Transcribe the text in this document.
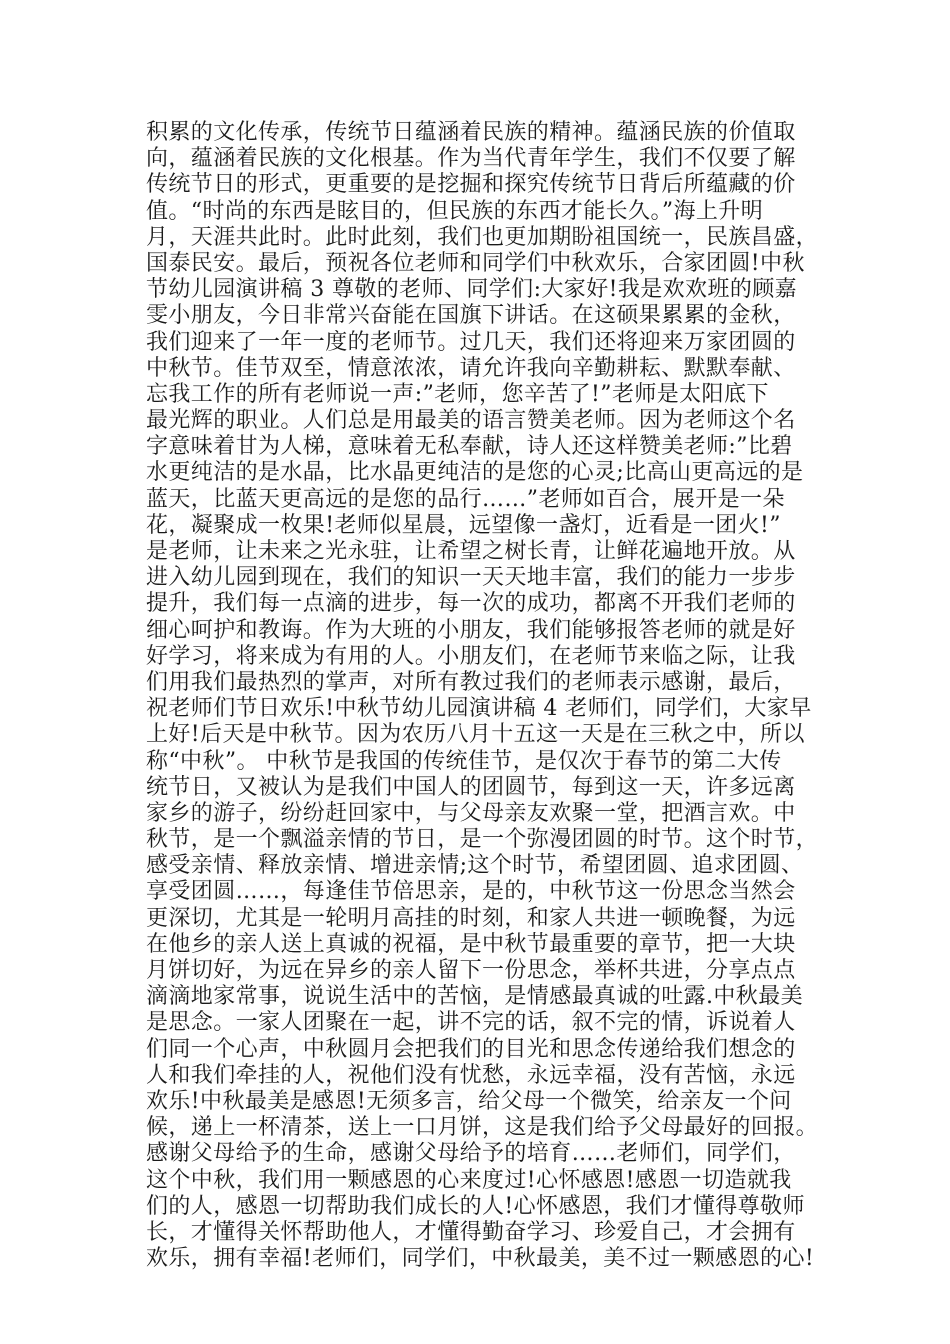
积累的文化传承，传统节日蕴涵着民族的精神。蕴涵民族的价值取
向，蕴涵着民族的文化根基。作为当代青年学生，我们不仅要了解
传统节日的形式，更重要的是挖掘和探究传统节日背后所蕴藏的价
值。“时尚的东西是眩目的，但民族的东西才能长久。”海上升明
月，天涯共此时。此时此刻，我们也更加期盼祖国统一，民族昌盛，
国泰民安。最后，预祝各位老师和同学们中秋欢乐，合家团圆!中秋
节幼儿园演讲稿 3 尊敬的老师、同学们:大家好!我是欢欢班的顾嘉
雯小朋友，今日非常兴奋能在国旗下讲话。在这硕果累累的金秋，
我们迎来了一年一度的老师节。过几天，我们还将迎来万家团圆的
中秋节。佳节双至，情意浓浓，请允许我向辛勤耕耘、默默奉献、
忘我工作的所有老师说一声:”老师，您辛苦了!”老师是太阳底下
最光辉的职业。人们总是用最美的语言赞美老师。因为老师这个名
字意味着甘为人梯，意味着无私奉献，诗人还这样赞美老师:”比碧
水更纯洁的是水晶，比水晶更纯洁的是您的心灵;比高山更高远的是
蓝天，比蓝天更高远的是您的品行……”老师如百合，展开是一朵
花，凝聚成一枚果!老师似星晨，远望像一盏灯，近看是一团火!”
是老师，让未来之光永驻，让希望之树长青，让鲜花遍地开放。从
进入幼儿园到现在，我们的知识一天天地丰富，我们的能力一步步
提升，我们每一点滴的进步，每一次的成功，都离不开我们老师的
细心呵护和教诲。作为大班的小朋友，我们能够报答老师的就是好
好学习，将来成为有用的人。小朋友们，在老师节来临之际，让我
们用我们最热烈的掌声，对所有教过我们的老师表示感谢，最后，
祝老师们节日欢乐!中秋节幼儿园演讲稿 4 老师们，同学们，大家早
上好!后天是中秋节。因为农历八月十五这一天是在三秋之中，所以
称“中秋”。 中秋节是我国的传统佳节，是仅次于春节的第二大传
统节日，又被认为是我们中国人的团圆节，每到这一天，许多远离
家乡的游子，纷纷赶回家中，与父母亲友欢聚一堂，把酒言欢。中
秋节，是一个飘溢亲情的节日，是一个弥漫团圆的时节。这个时节，
感受亲情、释放亲情、增进亲情;这个时节，希望团圆、追求团圆、
享受团圆……，每逢佳节倍思亲，是的，中秋节这一份思念当然会
更深切，尤其是一轮明月高挂的时刻，和家人共进一顿晚餐，为远
在他乡的亲人送上真诚的祝福，是中秋节最重要的章节，把一大块
月饼切好，为远在异乡的亲人留下一份思念，举杯共进，分享点点
滴滴地家常事，说说生活中的苦恼，是情感最真诚的吐露.中秋最美
是思念。一家人团聚在一起，讲不完的话，叙不完的情，诉说着人
们同一个心声，中秋圆月会把我们的目光和思念传递给我们想念的
人和我们牵挂的人，祝他们没有忧愁，永远幸福，没有苦恼，永远
欢乐!中秋最美是感恩!无须多言，给父母一个微笑，给亲友一个问
候，递上一杯清茶，送上一口月饼，这是我们给予父母最好的回报。
感谢父母给予的生命，感谢父母给予的培育……老师们，同学们，
这个中秋，我们用一颗感恩的心来度过!心怀感恩!感恩一切造就我
们的人，感恩一切帮助我们成长的人!心怀感恩，我们才懂得尊敬师
长，才懂得关怀帮助他人，才懂得勤奋学习、珍爱自己，才会拥有
欢乐，拥有幸福!老师们，同学们，中秋最美，美不过一颗感恩的心!
